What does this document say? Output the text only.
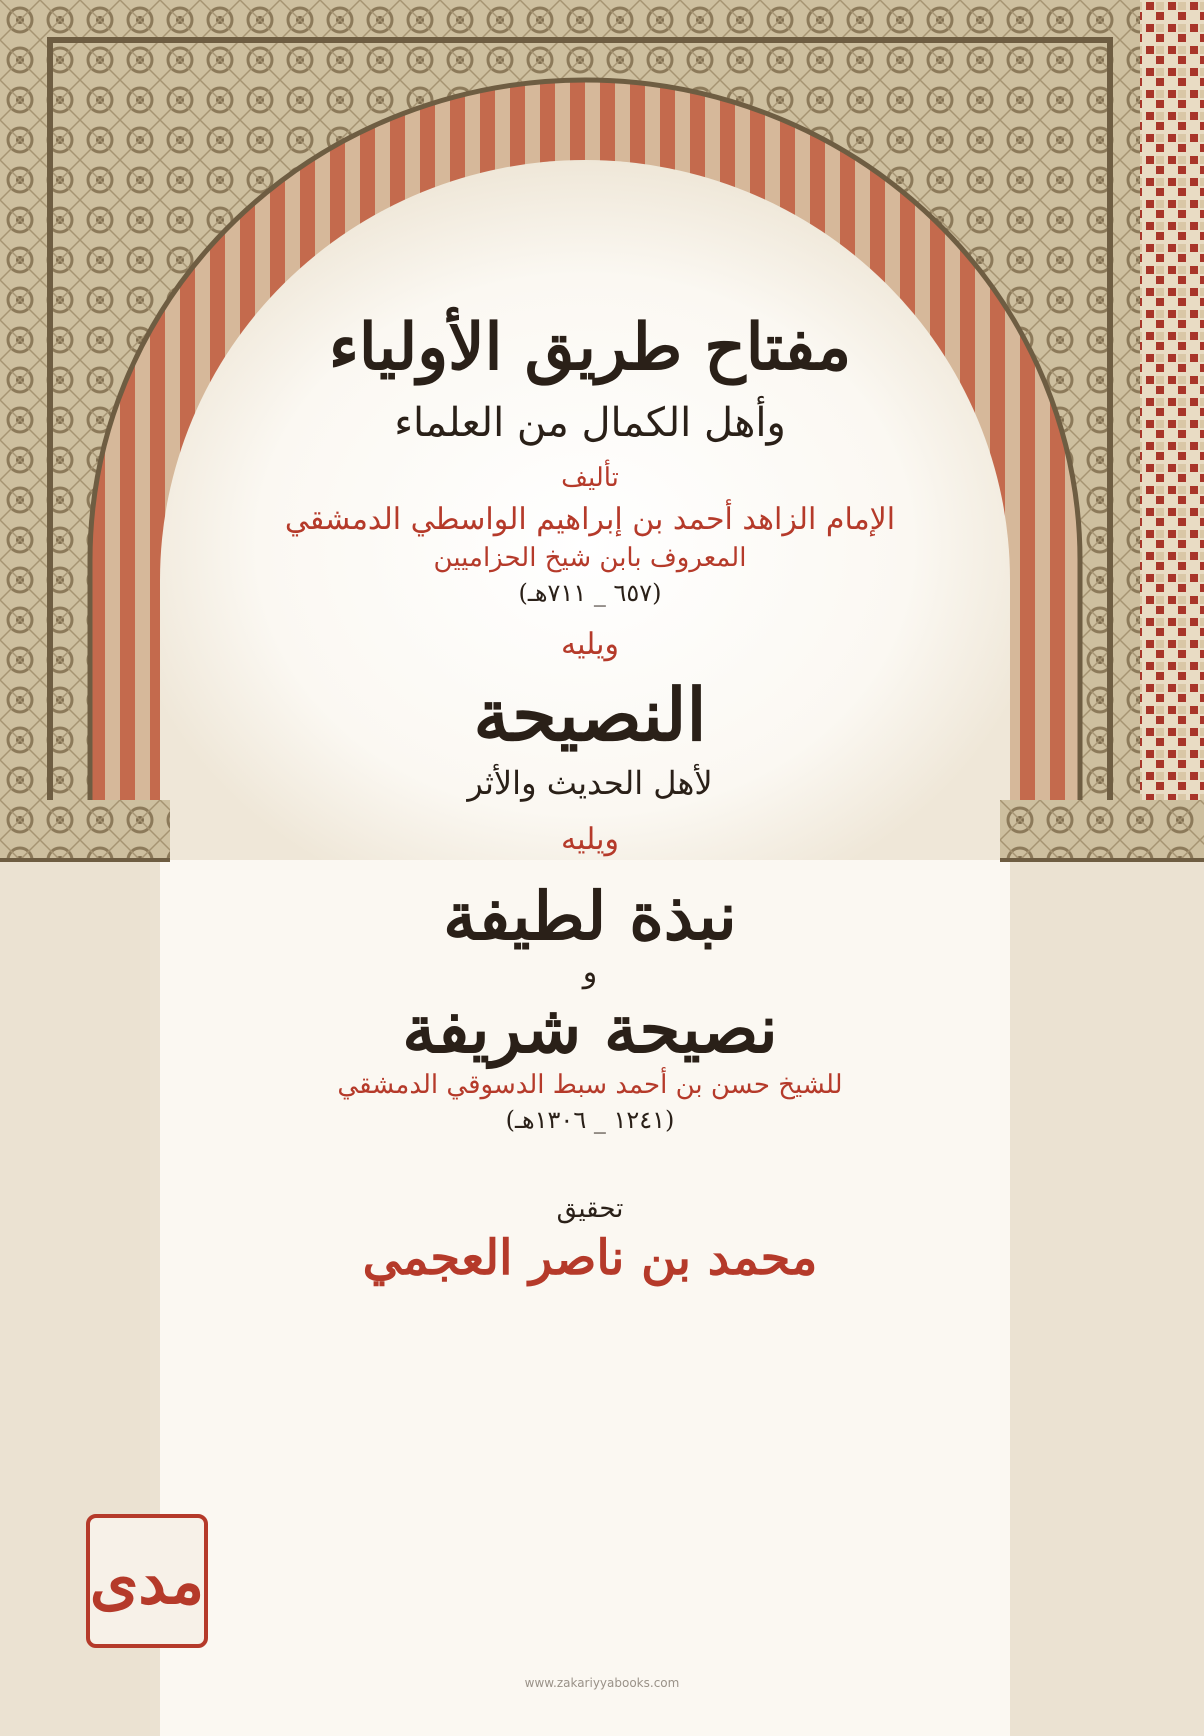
مفتاح طريق الأولياء
وأهل الكمال من العلماء
تأليف
الإمام الزاهد أحمد بن إبراهيم الواسطي الدمشقي
المعروف بابن شيخ الحزاميين
(٦٥٧ _ ٧١١هـ)
ويليه
النصيحة
لأهل الحديث والأثر
ويليه
نبذة لطيفة
و
نصيحة شريفة
للشيخ حسن بن أحمد سبط الدسوقي الدمشقي
(١٢٤١ _ ١٣٠٦هـ)
تحقيق
محمد بن ناصر العجمي
مدى
www.zakariyyabooks.com
